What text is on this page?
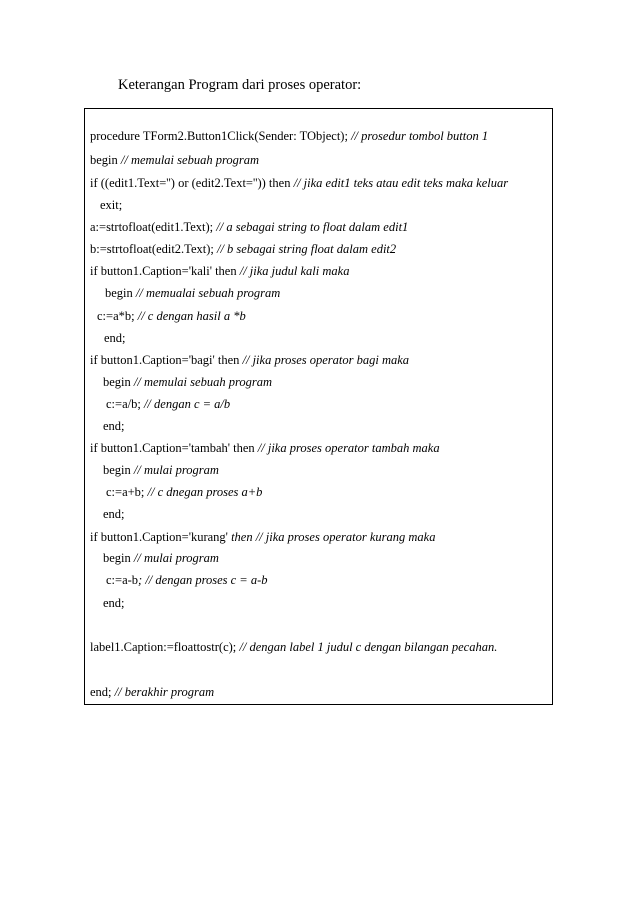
Keterangan Program dari proses operator:
procedure TForm2.Button1Click(Sender: TObject); // prosedur tombol button 1
begin // memulai sebuah program
if ((edit1.Text='') or (edit2.Text='')) then // jika edit1 teks atau edit teks maka keluar
exit;
a:=strtofloat(edit1.Text); // a sebagai string to float dalam edit1
b:=strtofloat(edit2.Text); // b sebagai string float dalam edit2
if button1.Caption='kali' then // jika judul kali maka
begin // memualai sebuah program
c:=a*b; // c dengan hasil a *b
end;
if button1.Caption='bagi' then // jika proses operator bagi maka
begin // memulai sebuah program
c:=a/b; // dengan c = a/b
end;
if button1.Caption='tambah' then // jika proses operator tambah maka
begin // mulai program
c:=a+b; // c dnegan proses a+b
end;
if button1.Caption='kurang' then // jika proses operator kurang maka
begin // mulai program
c:=a-b; // dengan proses c = a-b
end;
label1.Caption:=floattostr(c); // dengan label 1 judul c dengan bilangan pecahan.
end; // berakhir program
